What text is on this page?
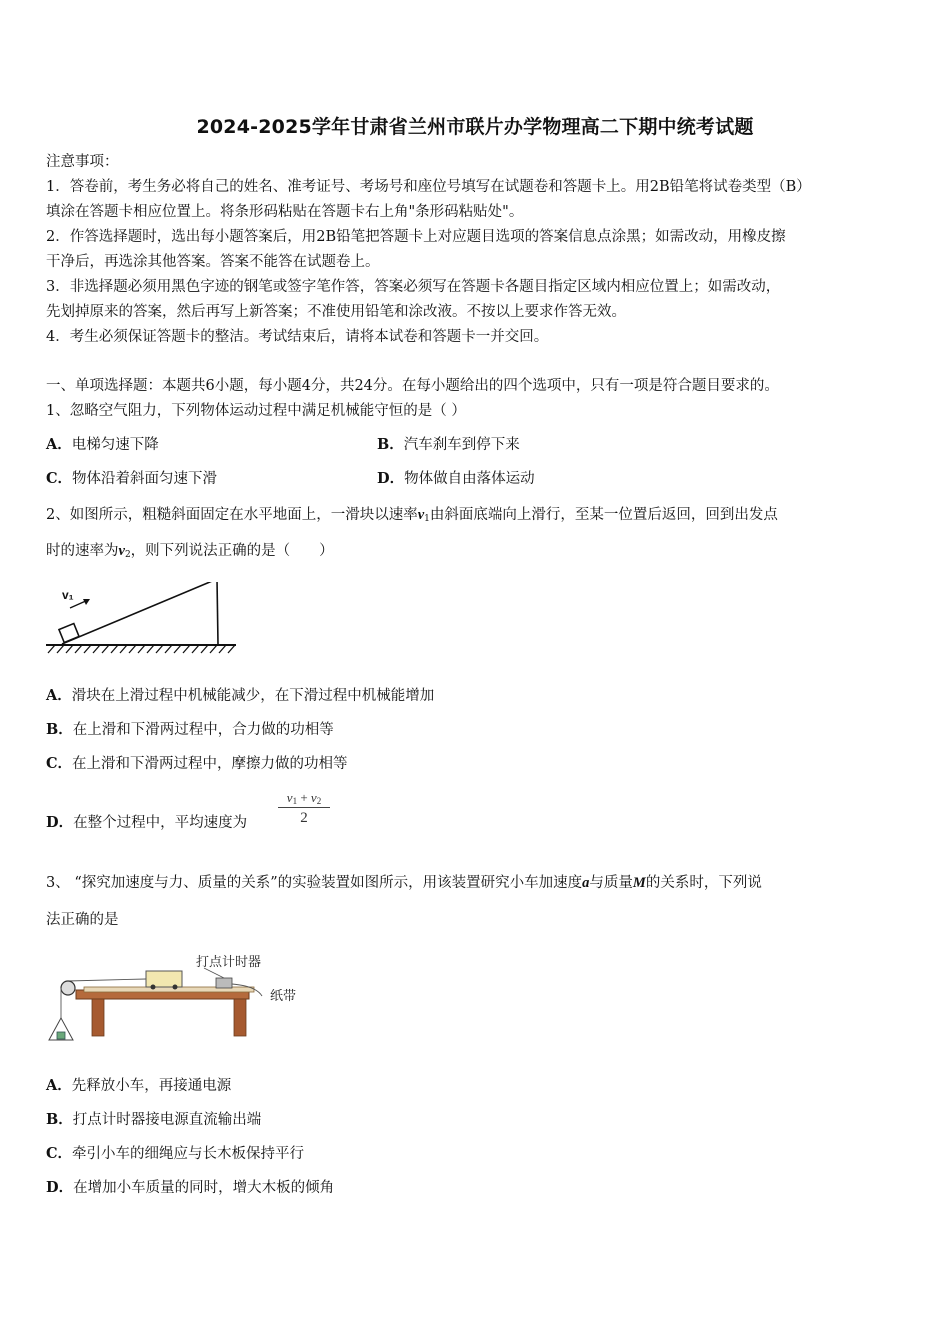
2024-2025学年甘肃省兰州市联片办学物理高二下期中统考试题
注意事项：
1．答卷前，考生务必将自己的姓名、准考证号、考场号和座位号填写在试题卷和答题卡上。用2B铅笔将试卷类型（B）
填涂在答题卡相应位置上。将条形码粘贴在答题卡右上角"条形码粘贴处"。
2．作答选择题时，选出每小题答案后，用2B铅笔把答题卡上对应题目选项的答案信息点涂黑；如需改动，用橡皮擦
干净后，再选涂其他答案。答案不能答在试题卷上。
3．非选择题必须用黑色字迹的钢笔或签字笔作答，答案必须写在答题卡各题目指定区域内相应位置上；如需改动，
先划掉原来的答案，然后再写上新答案；不准使用铅笔和涂改液。不按以上要求作答无效。
4．考生必须保证答题卡的整洁。考试结束后，请将本试卷和答题卡一并交回。
一、单项选择题：本题共6小题，每小题4分，共24分。在每小题给出的四个选项中，只有一项是符合题目要求的。
1、忽略空气阻力，下列物体运动过程中满足机械能守恒的是（ ）
A．电梯匀速下降	B．汽车刹车到停下来
C．物体沿着斜面匀速下滑	D．物体做自由落体运动
2、如图所示，粗糙斜面固定在水平地面上，一滑块以速率$v_1$由斜面底端向上滑行，至某一位置后返回，回到出发点
时的速率为$v_2$，则下列说法正确的是（　　）
v₁
A．滑块在上滑过程中机械能减少，在下滑过程中机械能增加
B．在上滑和下滑两过程中，合力做的功相等
C．在上滑和下滑两过程中，摩擦力做的功相等
D．在整个过程中，平均速度为
$v_1 + v_2$
2
3、 “探究加速度与力、质量的关系”的实验装置如图所示，用该装置研究小车加速度a与质量M的关系时，下列说
法正确的是
打点计时器
纸带
A．先释放小车，再接通电源
B．打点计时器接电源直流输出端
C．牵引小车的细绳应与长木板保持平行
D．在增加小车质量的同时，增大木板的倾角
